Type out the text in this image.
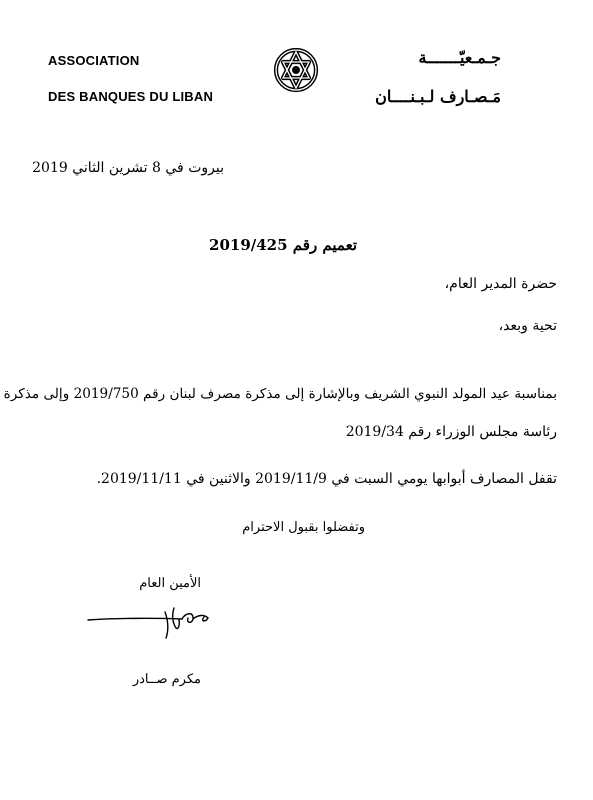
ASSOCIATION
DES BANQUES DU LIBAN
جـمـعيّـــــــة
مَـصـارف لـبـنــــان
بيروت في 8 تشرين الثاني 2019
تعميم رقم 2019/425
حضرة المدير العام،
تحية وبعد،
بمناسبة عيد المولد النبوي الشريف وبالإشارة إلى مذكرة مصرف لبنان رقم 2019/750 وإلى مذكرة
رئاسة مجلس الوزراء رقم 2019/34
تقفل المصارف أبوابها يومي السبت في 2019/11/9 والاثنين في 2019/11/11.
وتفضلوا بقبول الاحترام
الأمين العام
مكرم صــادر
